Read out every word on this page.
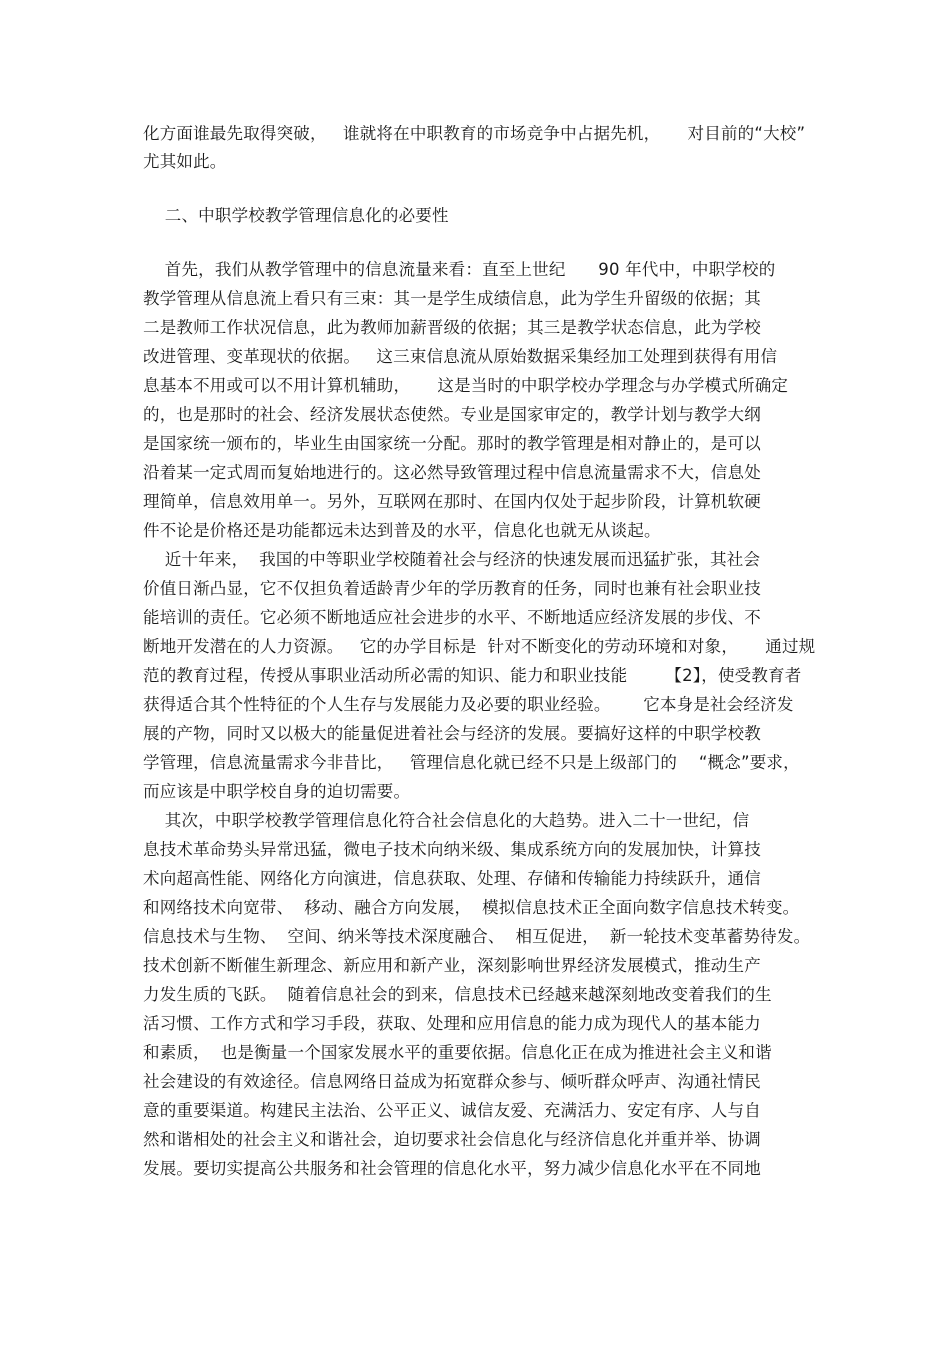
化方面谁最先取得突破，   谁就将在中职教育的市场竞争中占据先机，     对目前的“大校”
尤其如此。
二、中职学校教学管理信息化的必要性
首先，我们从教学管理中的信息流量来看：直至上世纪      90 年代中，中职学校的
教学管理从信息流上看只有三束：其一是学生成绩信息，此为学生升留级的依据；其
二是教师工作状况信息，此为教师加薪晋级的依据；其三是教学状态信息，此为学校
改进管理、变革现状的依据。   这三束信息流从原始数据采集经加工处理到获得有用信
息基本不用或可以不用计算机辅助，     这是当时的中职学校办学理念与办学模式所确定
的，也是那时的社会、经济发展状态使然。专业是国家审定的，教学计划与教学大纲
是国家统一颁布的，毕业生由国家统一分配。那时的教学管理是相对静止的，是可以
沿着某一定式周而复始地进行的。这必然导致管理过程中信息流量需求不大，信息处
理简单，信息效用单一。另外，互联网在那时、在国内仅处于起步阶段，计算机软硬
件不论是价格还是功能都远未达到普及的水平，信息化也就无从谈起。
近十年来，  我国的中等职业学校随着社会与经济的快速发展而迅猛扩张，其社会
价值日渐凸显，它不仅担负着适龄青少年的学历教育的任务，同时也兼有社会职业技
能培训的责任。它必须不断地适应社会进步的水平、不断地适应经济发展的步伐、不
断地开发潜在的人力资源。   它的办学目标是  针对不断变化的劳动环境和对象，     通过规
范的教育过程，传授从事职业活动所必需的知识、能力和职业技能       【2】，使受教育者
获得适合其个性特征的个人生存与发展能力及必要的职业经验。      它本身是社会经济发
展的产物，同时又以极大的能量促进着社会与经济的发展。要搞好这样的中职学校教
学管理，信息流量需求今非昔比，   管理信息化就已经不只是上级部门的    “概念”要求，
而应该是中职学校自身的迫切需要。
其次，中职学校教学管理信息化符合社会信息化的大趋势。进入二十一世纪，信
息技术革命势头异常迅猛，微电子技术向纳米级、集成系统方向的发展加快，计算技
术向超高性能、网络化方向演进，信息获取、处理、存储和传输能力持续跃升，通信
和网络技术向宽带、  移动、融合方向发展，  模拟信息技术正全面向数字信息技术转变。
信息技术与生物、  空间、纳米等技术深度融合、  相互促进，  新一轮技术变革蓄势待发。
技术创新不断催生新理念、新应用和新产业，深刻影响世界经济发展模式，推动生产
力发生质的飞跃。  随着信息社会的到来，信息技术已经越来越深刻地改变着我们的生
活习惯、工作方式和学习手段，获取、处理和应用信息的能力成为现代人的基本能力
和素质，  也是衡量一个国家发展水平的重要依据。信息化正在成为推进社会主义和谐
社会建设的有效途径。信息网络日益成为拓宽群众参与、倾听群众呼声、沟通社情民
意的重要渠道。构建民主法治、公平正义、诚信友爱、充满活力、安定有序、人与自
然和谐相处的社会主义和谐社会，迫切要求社会信息化与经济信息化并重并举、协调
发展。要切实提高公共服务和社会管理的信息化水平，努力减少信息化水平在不同地
